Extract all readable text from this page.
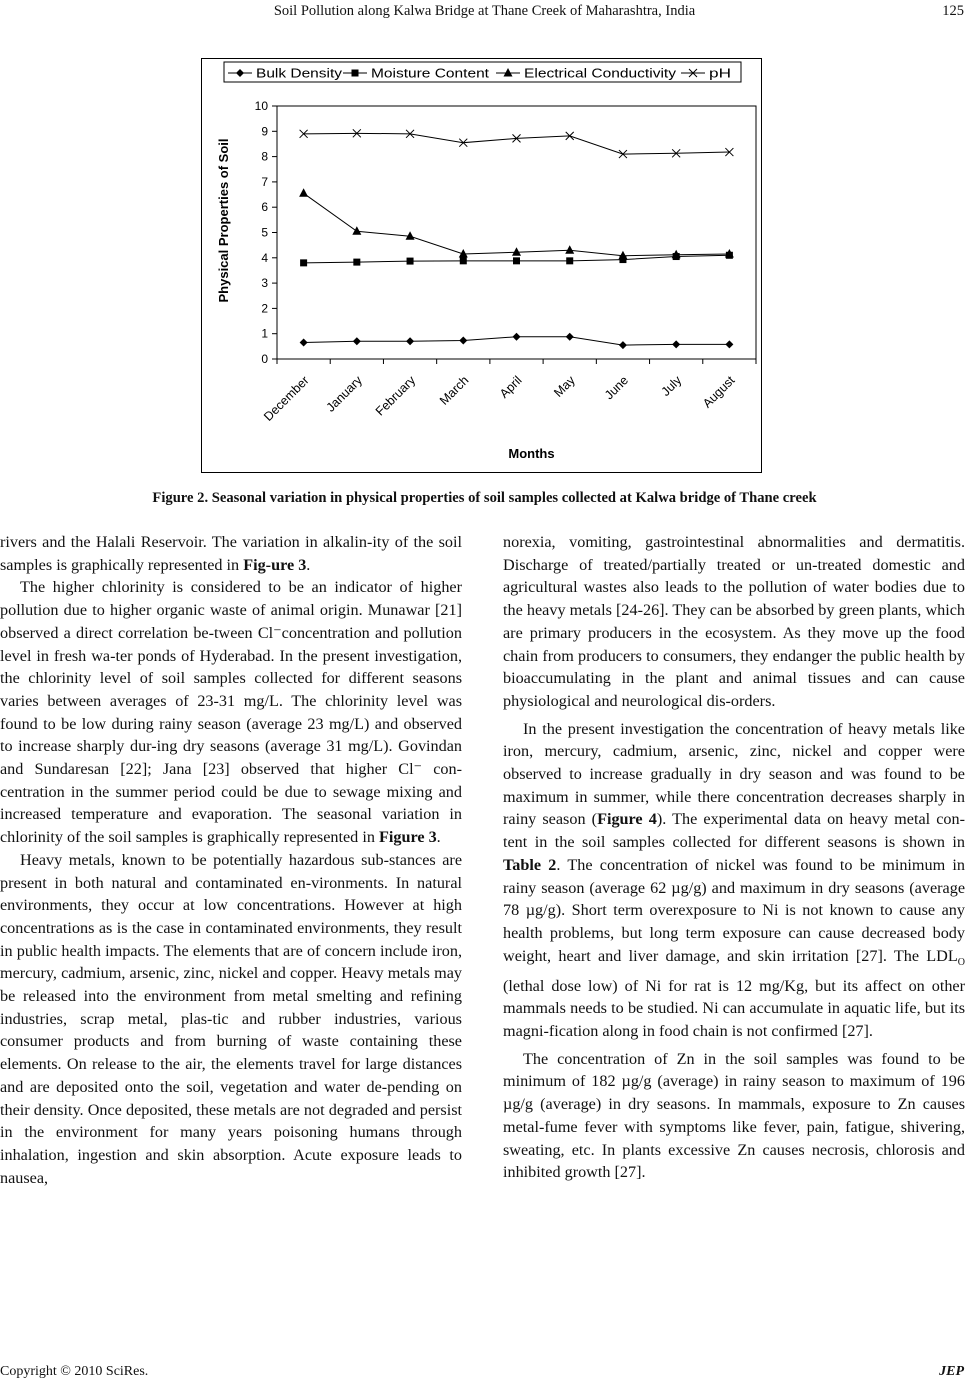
Soil Pollution along Kalwa Bridge at Thane Creek of Maharashtra, India	125
0
1
2
3
4
5
6
7
8
9
10
December January February March April May June July August
Months
Physical Properties of Soil
Bulk Density Moisture Content	Electrical Conductivity pH
Figure 2. Seasonal variation in physical properties of soil samples collected at Kalwa bridge of Thane creek

rivers and the Halali Reservoir. The variation in alkalin-ity of the soil samples is graphically represented in Fig-ure 3.

The higher chlorinity is considered to be an indicator of higher pollution due to higher organic waste of animal origin. Munawar [21] observed a direct correlation be-tween Cl⁻concentration and pollution level in fresh wa-ter ponds of Hyderabad. In the present investigation, the chlorinity level of soil samples collected for different seasons varies between averages of 23-31 mg/L. The chlorinity level was found to be low during rainy season (average 23 mg/L) and observed to increase sharply dur-ing dry seasons (average 31 mg/L). Govindan and Sundaresan [22]; Jana [23] observed that higher Cl⁻ con-centration in the summer period could be due to sewage mixing and increased temperature and evaporation. The seasonal variation in chlorinity of the soil samples is graphically represented in Figure 3.

Heavy metals, known to be potentially hazardous sub-stances are present in both natural and contaminated en-vironments. In natural environments, they occur at low concentrations. However at high concentrations as is the case in contaminated environments, they result in public health impacts. The elements that are of concern include iron, mercury, cadmium, arsenic, zinc, nickel and copper. Heavy metals may be released into the environment from metal smelting and refining industries, scrap metal, plas-tic and rubber industries, various consumer products and from burning of waste containing these elements. On release to the air, the elements travel for large distances and are deposited onto the soil, vegetation and water de-pending on their density. Once deposited, these metals are not degraded and persist in the environment for many years poisoning humans through inhalation, ingestion and skin absorption. Acute exposure leads to nausea,

norexia, vomiting, gastrointestinal abnormalities and dermatitis. Discharge of treated/partially treated or un-treated domestic and agricultural wastes also leads to the pollution of water bodies due to the heavy metals [24-26]. They can be absorbed by green plants, which are primary producers in the ecosystem. As they move up the food chain from producers to consumers, they endanger the public health by bioaccumulating in the plant and animal tissues and can cause physiological and neurological dis-orders.

In the present investigation the concentration of heavy metals like iron, mercury, cadmium, arsenic, zinc, nickel and copper were observed to increase gradually in dry season and was found to be maximum in summer, while there concentration decreases sharply in rainy season (Figure 4). The experimental data on heavy metal con-tent in the soil samples collected for different seasons is shown in Table 2. The concentration of nickel was found to be minimum in rainy season (average 62 µg/g) and maximum in dry seasons (average 78 µg/g). Short term overexposure to Ni is not known to cause any health problems, but long term exposure can cause decreased body weight, heart and liver damage, and skin irritation [27]. The $LDL_O$ (lethal dose low) of Ni for rat is 12 mg/Kg, but its affect on other mammals needs to be studied. Ni can accumulate in aquatic life, but its magni-fication along in food chain is not confirmed [27].

The concentration of Zn in the soil samples was found to be minimum of 182 µg/g (average) in rainy season to maximum of 196 µg/g (average) in dry seasons. In mammals, exposure to Zn causes metal-fume fever with symptoms like fever, pain, fatigue, shivering, sweating, etc. In plants excessive Zn causes necrosis, chlorosis and inhibited growth [27].

Copyright © 2010 SciRes.	JEP
